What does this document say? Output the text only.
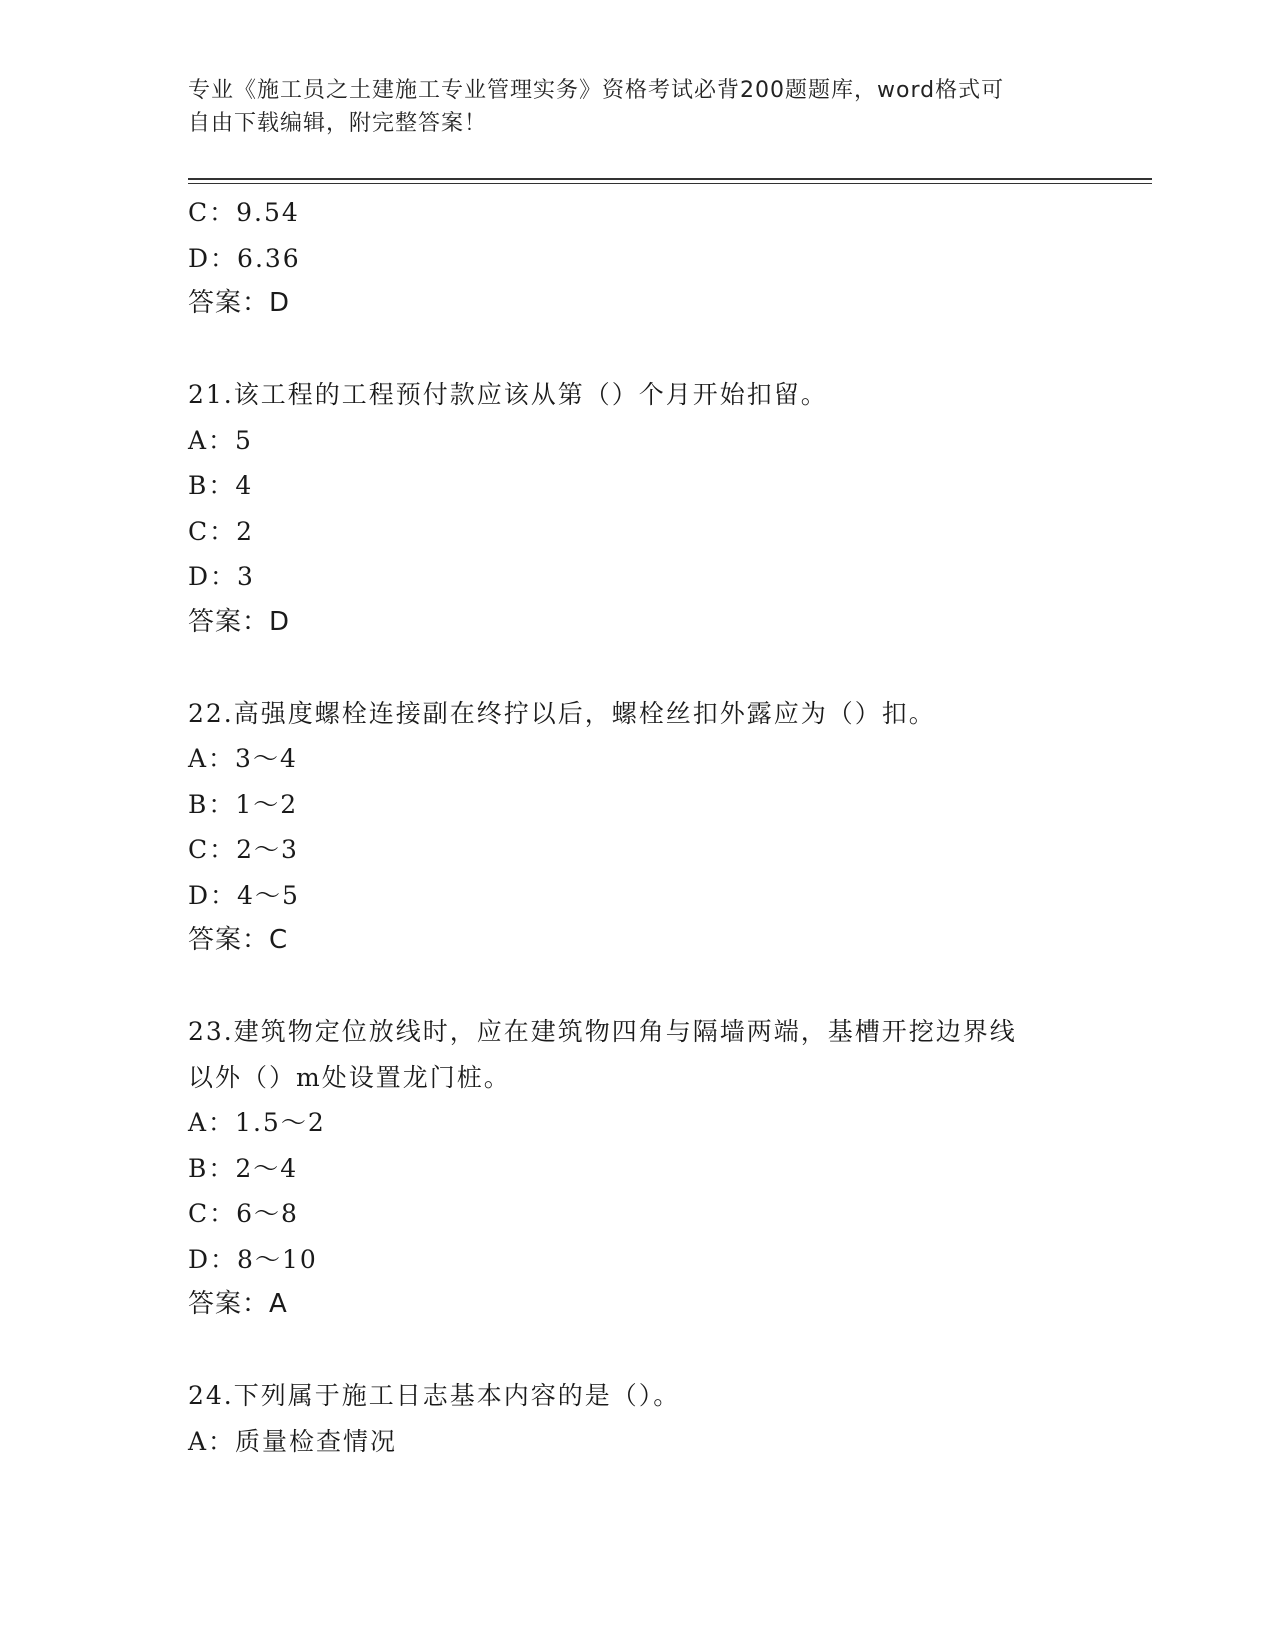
专业《施工员之土建施工专业管理实务》资格考试必背200题题库，word格式可
自由下载编辑，附完整答案！
C：9.54
D：6.36
答案：D
21.该工程的工程预付款应该从第（）个月开始扣留。
A：5
B：4
C：2
D：3
答案：D
22.高强度螺栓连接副在终拧以后，螺栓丝扣外露应为（）扣。
A：3～4
B：1～2
C：2～3
D：4～5
答案：C
23.建筑物定位放线时，应在建筑物四角与隔墙两端，基槽开挖边界线
以外（）m处设置龙门桩。
A：1.5～2
B：2～4
C：6～8
D：8～10
答案：A
24.下列属于施工日志基本内容的是（）。
A：质量检查情况
